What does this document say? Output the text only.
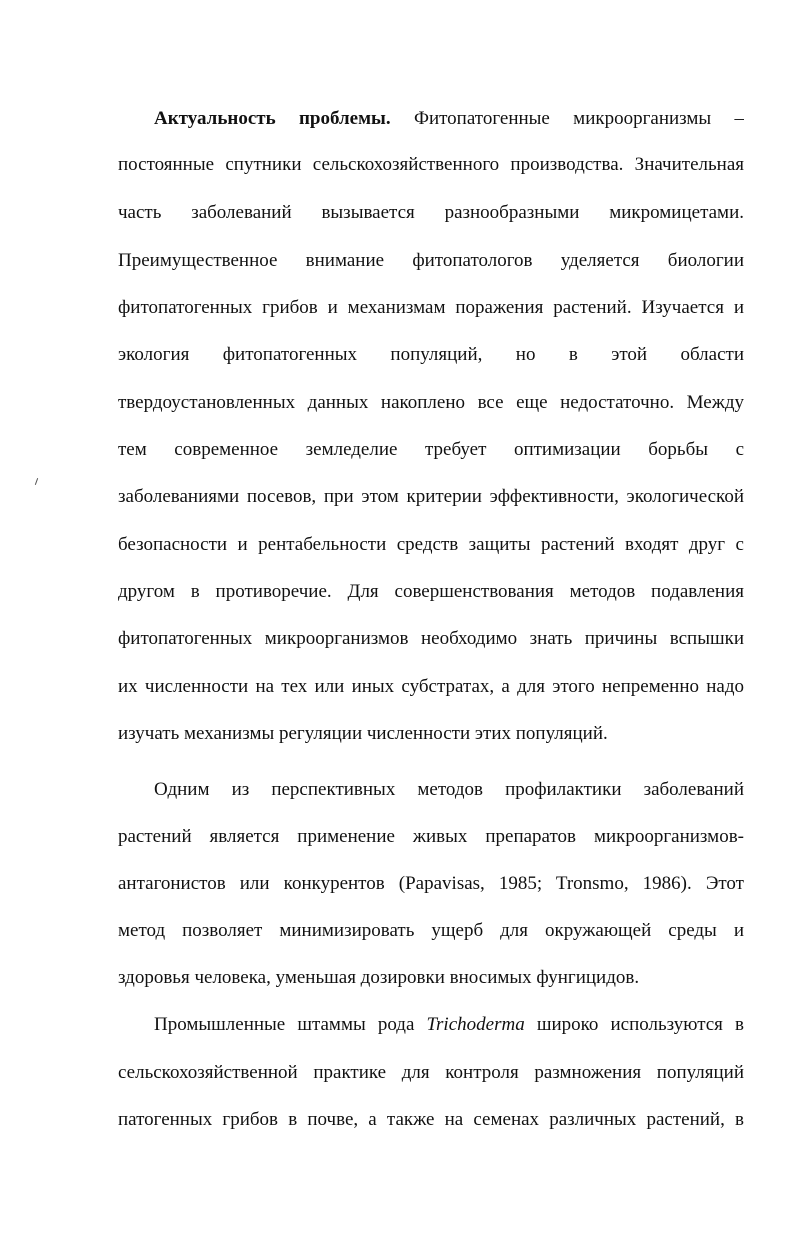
Актуальность проблемы. Фитопатогенные микроорганизмы –
постоянные спутники сельскохозяйственного производства. Значительная
часть заболеваний вызывается разнообразными микромицетами.
Преимущественное внимание фитопатологов уделяется биологии
фитопатогенных грибов и механизмам поражения растений. Изучается и
экология фитопатогенных популяций, но в этой области
твердоустановленных данных накоплено все еще недостаточно. Между
тем современное земледелие требует оптимизации борьбы с
заболеваниями посевов, при этом критерии эффективности, экологической
безопасности и рентабельности средств защиты растений входят друг с
другом в противоречие. Для совершенствования методов подавления
фитопатогенных микроорганизмов необходимо знать причины вспышки
их численности на тех или иных субстратах, а для этого непременно надо
изучать механизмы регуляции численности этих популяций.
Одним из перспективных методов профилактики заболеваний
растений является применение живых препаратов микроорганизмов-
антагонистов или конкурентов (Papavisas, 1985; Tronsmo, 1986). Этот
метод позволяет минимизировать ущерб для окружающей среды и
здоровья человека, уменьшая дозировки вносимых фунгицидов.
Промышленные штаммы рода Trichoderma широко используются в
сельскохозяйственной практике для контроля размножения популяций
патогенных грибов в почве, а также на семенах различных растений, в
